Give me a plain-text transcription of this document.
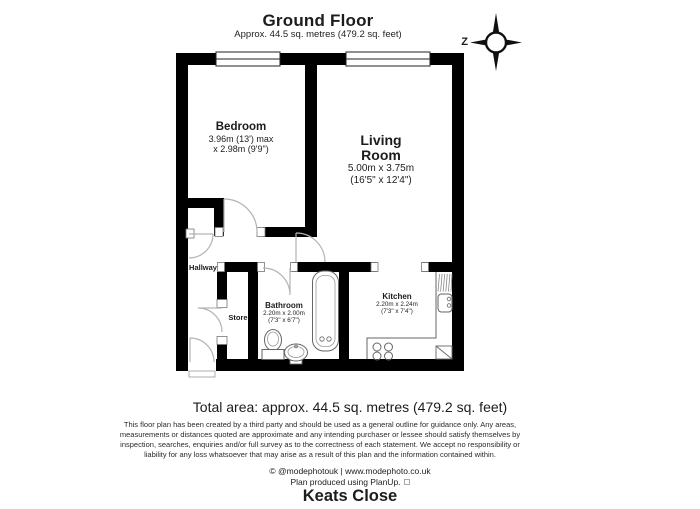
Ground Floor
Approx. 44.5 sq. metres (479.2 sq. feet)
Z
Bedroom
3.96m (13') max
x 2.98m (9'9")
Living
Room
5.00m x 3.75m
(16'5" x 12'4")
Hallway
Store
Bathroom
2.20m x 2.00m
(7'3" x 6'7")
Kitchen
2.20m x 2.24m
(7'3" x 7'4")
Total area: approx. 44.5 sq. metres (479.2 sq. feet)
This floor plan has been created by a third party and should be used as a general outline for guidance only. Any areas,
measurements or distances quoted are approximate and any intending purchaser or lessee should satisfy themselves by
inspection, searches, enquiries and/or full survey as to the correctness of each statement. We accept no responsibility or
liability for any loss whatsoever that may arise as a result of this plan and the information contained within.
© @modephotouk | www.modephoto.co.uk
Plan produced using PlanUp.
Keats Close
